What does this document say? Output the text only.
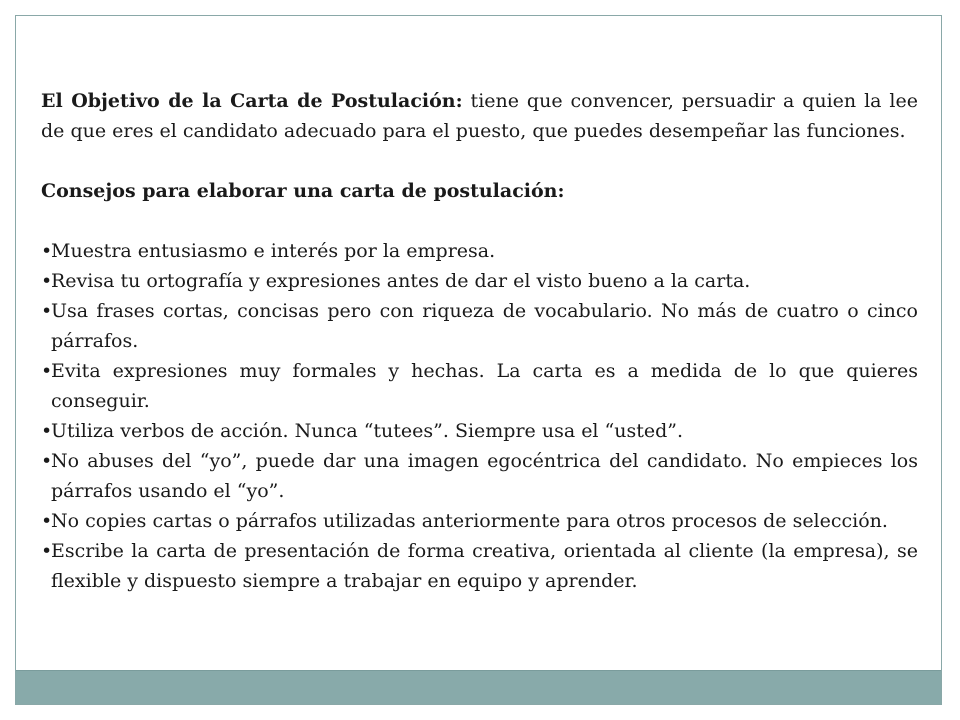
El Objetivo de la Carta de Postulación: tiene que convencer, persuadir a quien la lee de que eres el candidato adecuado para el puesto, que puedes desempeñar las funciones.

Consejos para elaborar una carta de postulación:

• Muestra entusiasmo e interés por la empresa.
• Revisa tu ortografía y expresiones antes de dar el visto bueno a la carta.
• Usa frases cortas, concisas pero con riqueza de vocabulario. No más de cuatro o cinco párrafos.
• Evita expresiones muy formales y hechas. La carta es a medida de lo que quieres conseguir.
• Utiliza verbos de acción. Nunca “tutees”. Siempre usa el “usted”.
• No abuses del “yo”, puede dar una imagen egocéntrica del candidato. No empieces los párrafos usando el “yo”.
• No copies cartas o párrafos utilizadas anteriormente para otros procesos de selección.
• Escribe la carta de presentación de forma creativa, orientada al cliente (la empresa), se flexible y dispuesto siempre a trabajar en equipo y aprender.
